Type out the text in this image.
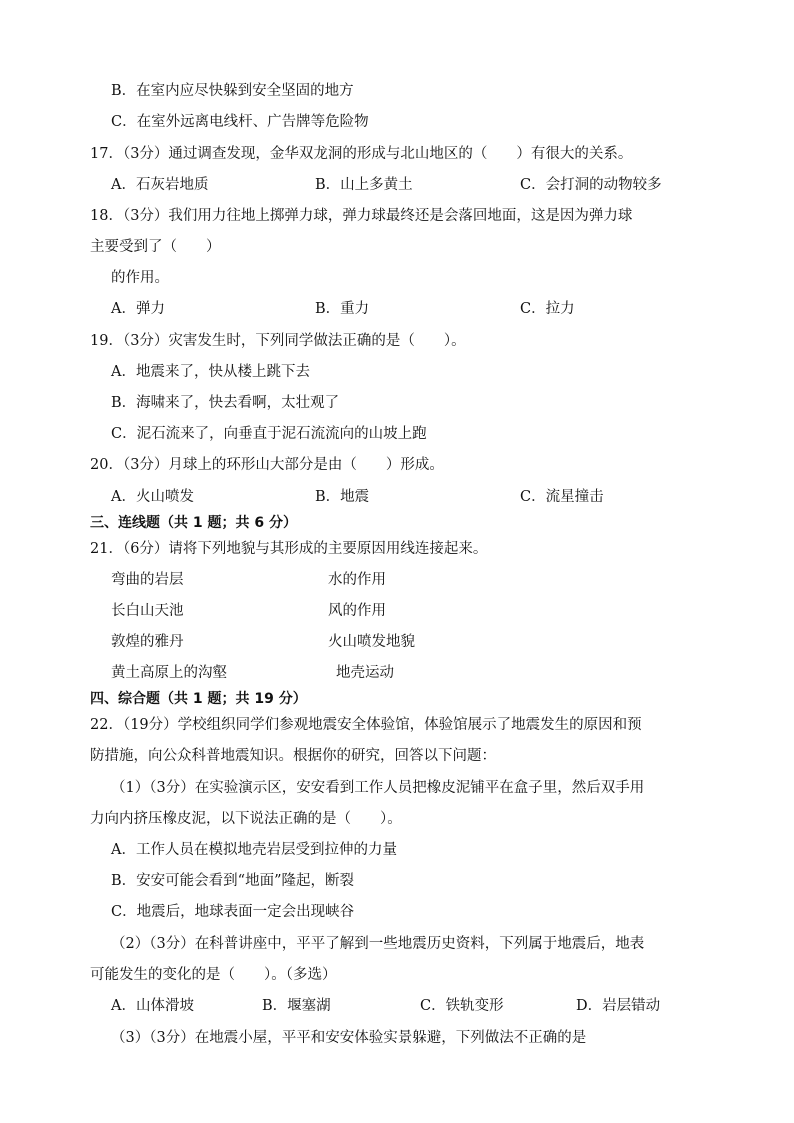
B．在室内应尽快躲到安全坚固的地方
C．在室外远离电线杆、广告牌等危险物
17．（3分）通过调查发现，金华双龙洞的形成与北山地区的（　　）有很大的关系。
A．石灰岩地质	B．山上多黄土	C．会打洞的动物较多
18．（3分）我们用力往地上掷弹力球，弹力球最终还是会落回地面，这是因为弹力球
主要受到了（　　）
的作用。
A．弹力	B．重力	C．拉力
19．（3分）灾害发生时，下列同学做法正确的是（　　）。
A．地震来了，快从楼上跳下去
B．海啸来了，快去看啊，太壮观了
C．泥石流来了，向垂直于泥石流流向的山坡上跑
20．（3分）月球上的环形山大部分是由（　　）形成。
A．火山喷发	B．地震	C．流星撞击
三、连线题（共 1 题；共 6 分）
21．（6分）请将下列地貌与其形成的主要原因用线连接起来。
弯曲的岩层	水的作用
长白山天池	风的作用
敦煌的雅丹	火山喷发地貌
黄土高原上的沟壑	地壳运动
四、综合题（共 1 题；共 19 分）
22．（19分）学校组织同学们参观地震安全体验馆，体验馆展示了地震发生的原因和预
防措施，向公众科普地震知识。根据你的研究，回答以下问题：
（1）（3分）在实验演示区，安安看到工作人员把橡皮泥铺平在盒子里，然后双手用
力向内挤压橡皮泥，以下说法正确的是（　　）。
A．工作人员在模拟地壳岩层受到拉伸的力量
B．安安可能会看到“地面”隆起，断裂
C．地震后，地球表面一定会出现峡谷
（2）（3分）在科普讲座中，平平了解到一些地震历史资料，下列属于地震后，地表
可能发生的变化的是（　　）。（多选）
A．山体滑坡	B．堰塞湖	C．铁轨变形	D．岩层错动
（3）（3分）在地震小屋，平平和安安体验实景躲避，下列做法不正确的是
